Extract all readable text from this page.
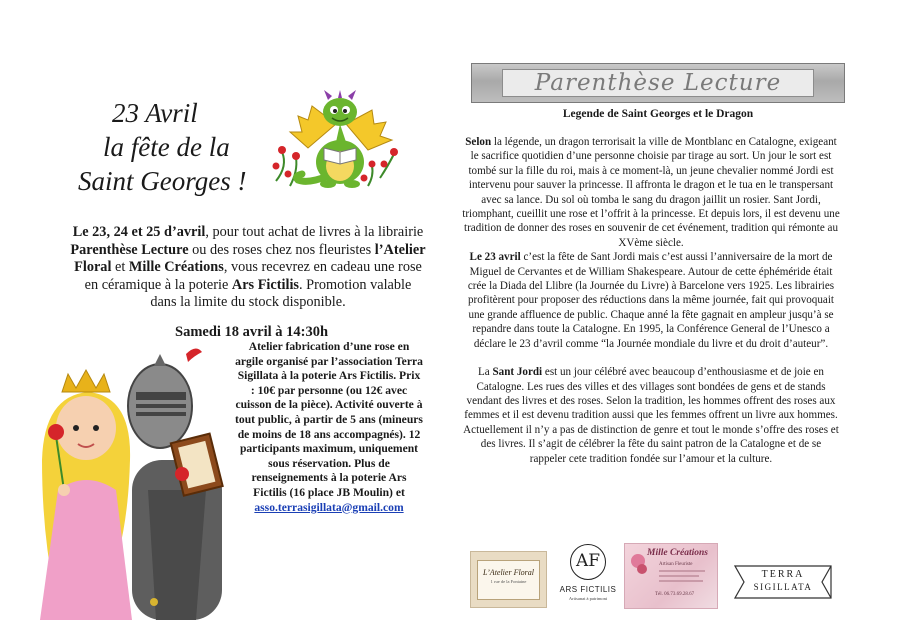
23 Avril
la fête de la
Saint Georges !
Le 23, 24 et 25 d’avril, pour tout achat de livres à la librairie Parenthèse Lecture ou des roses chez nos fleuristes l’Atelier Floral et Mille Créations, vous recevrez en cadeau une rose en céramique à la poterie Ars Fictilis. Promotion valable dans la limite du stock disponible.
Samedi 18 avril à 14:30h
Atelier fabrication d’une rose en argile organisé par l’association Terra Sigillata à la poterie Ars Fictilis. Prix : 10€ par personne (ou 12€ avec cuisson de la pièce). Activité ouverte à tout public, à partir de 5 ans (mineurs de moins de 18 ans accompagnés). 12 participants maximum, uniquement sous réservation. Plus de renseignements à la poterie Ars Fictilis (16 place JB Moulin) et
asso.terrasigillata@gmail.com
Parenthèse Lecture
Legende de Saint Georges et le Dragon

Selon la légende, un dragon terrorisait la ville de Montblanc en Catalogne, exigeant le sacrifice quotidien d’une personne choisie par tirage au sort. Un jour le sort est tombé sur la fille du roi, mais à ce moment-là, un jeune chevalier nommé Jordi est intervenu pour sauver la princesse. Il affronta le dragon et le tua en le transpersant avec sa lance. Du sol où tomba le sang du dragon jaillit un rosier. Sant Jordi, triomphant, cueillit une rose et l’offrit à la princesse. Et depuis lors, il est devenu une tradition de donner des roses en souvenir de cet événement, tradition qui rémonte au XVème siècle.

Le 23 avril c’est la fête de Sant Jordi mais c’est aussi l’anniversaire de la mort de Miguel de Cervantes et de William Shakespeare. Autour de cette éphéméride était crée la Diada del Llibre (la Journée du Livre) à Barcelone vers 1925. Les librairies profitèrent pour proposer des réductions dans la même journée, fait qui provoquait une grande affluence de public. Chaque anné la fête gagnait en ampleur jusqu’à se repandre dans toute la Catalogne. En 1995, la Conférence General de l’Unesco a déclare le 23 d’avril comme “la Journée mondiale du livre et du droit d’auteur”.

La Sant Jordi est un jour célébré avec beaucoup d’enthousiasme et de joie en Catalogne. Les rues des villes et des villages sont bondées de gens et de stands vendant des livres et des roses. Selon la tradition, les hommes offrent des roses aux femmes et il est devenu tradition aussi que les femmes offrent un livre aux hommes.

Actuellement il n’y a pas de distinction de genre et tout le monde s’offre des roses et des livres. Il s’agit de célébrer la fête du saint patron de la Catalogne et de se rappeler cete tradition fondée sur l’amour et la culture.

L’Atelier Floral
1 rue de la Fontaine
AF
ARS FICTILIS
Artisanat à patrimoni
Mille Créations
Artisan Fleuriste
Tél. 06.73.69.28.67
TERRA
SIGILLATA
